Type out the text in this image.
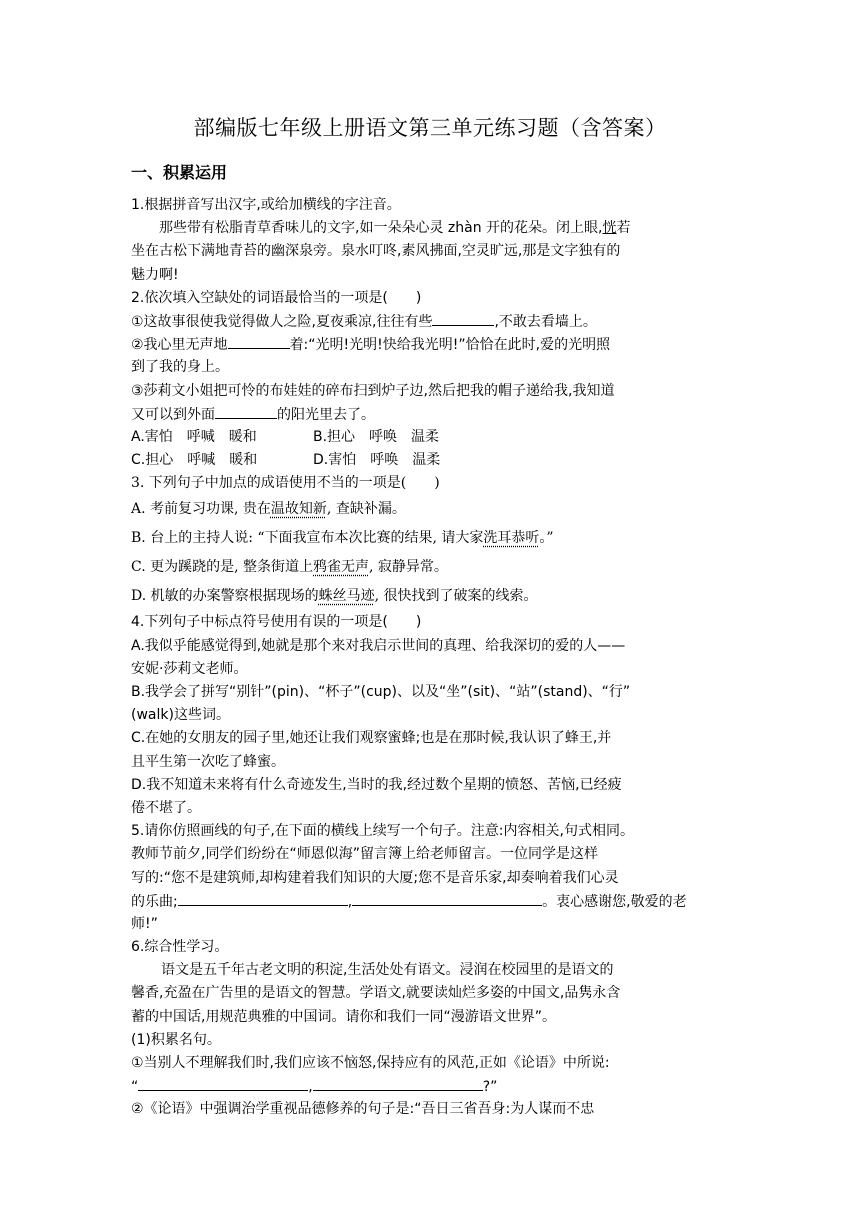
部编版七年级上册语文第三单元练习题（含答案）
一、积累运用
1.根据拼音写出汉字,或给加横线的字注音。
那些带有松脂青草香味儿的文字,如一朵朵心灵 zhàn 开的花朵。闭上眼,恍若
坐在古松下满地青苔的幽深泉旁。泉水叮咚,素风拂面,空灵旷远,那是文字独有的
魅力啊!
2.依次填入空缺处的词语最恰当的一项是(　　)
①这故事很使我觉得做人之险,夏夜乘凉,往往有些	,不敢去看墙上。
②我心里无声地	着:“光明!光明!快给我光明!”恰恰在此时,爱的光明照
到了我的身上。
③莎莉文小姐把可怜的布娃娃的碎布扫到炉子边,然后把我的帽子递给我,我知道
又可以到外面	的阳光里去了。
A.害怕　呼喊　暖和	B.担心　呼唤　温柔
C.担心　呼喊　暖和	D.害怕　呼唤　温柔
3. 下列句子中加点的成语使用不当的一项是(　　)
A. 考前复习功课, 贵在温故知新, 查缺补漏。
B. 台上的主持人说: “下面我宣布本次比赛的结果, 请大家洗耳恭听。”
C. 更为蹊跷的是, 整条街道上鸦雀无声, 寂静异常。
D. 机敏的办案警察根据现场的蛛丝马迹, 很快找到了破案的线索。
4.下列句子中标点符号使用有误的一项是(　　)
A.我似乎能感觉得到,她就是那个来对我启示世间的真理、给我深切的爱的人——
安妮·莎莉文老师。
B.我学会了拼写“别针”(pin)、“杯子”(cup)、以及“坐”(sit)、“站”(stand)、“行”
(walk)这些词。
C.在她的女朋友的园子里,她还让我们观察蜜蜂;也是在那时候,我认识了蜂王,并
且平生第一次吃了蜂蜜。
D.我不知道未来将有什么奇迹发生,当时的我,经过数个星期的愤怒、苦恼,已经疲
倦不堪了。
5.请你仿照画线的句子,在下面的横线上续写一个句子。注意:内容相关,句式相同。
教师节前夕,同学们纷纷在“师恩似海”留言簿上给老师留言。一位同学是这样
写的:“您不是建筑师,却构建着我们知识的大厦;您不是音乐家,却奏响着我们心灵
的乐曲;	,	。衷心感谢您,敬爱的老
师!”
6.综合性学习。
语文是五千年古老文明的积淀,生活处处有语文。浸润在校园里的是语文的
馨香,充盈在广告里的是语文的智慧。学语文,就要读灿烂多姿的中国文,品隽永含
蓄的中国话,用规范典雅的中国词。请你和我们一同“漫游语文世界”。
(1)积累名句。
①当别人不理解我们时,我们应该不恼怒,保持应有的风范,正如《论语》中所说:
“	,	?”
②《论语》中强调治学重视品德修养的句子是:“吾日三省吾身:为人谋而不忠
